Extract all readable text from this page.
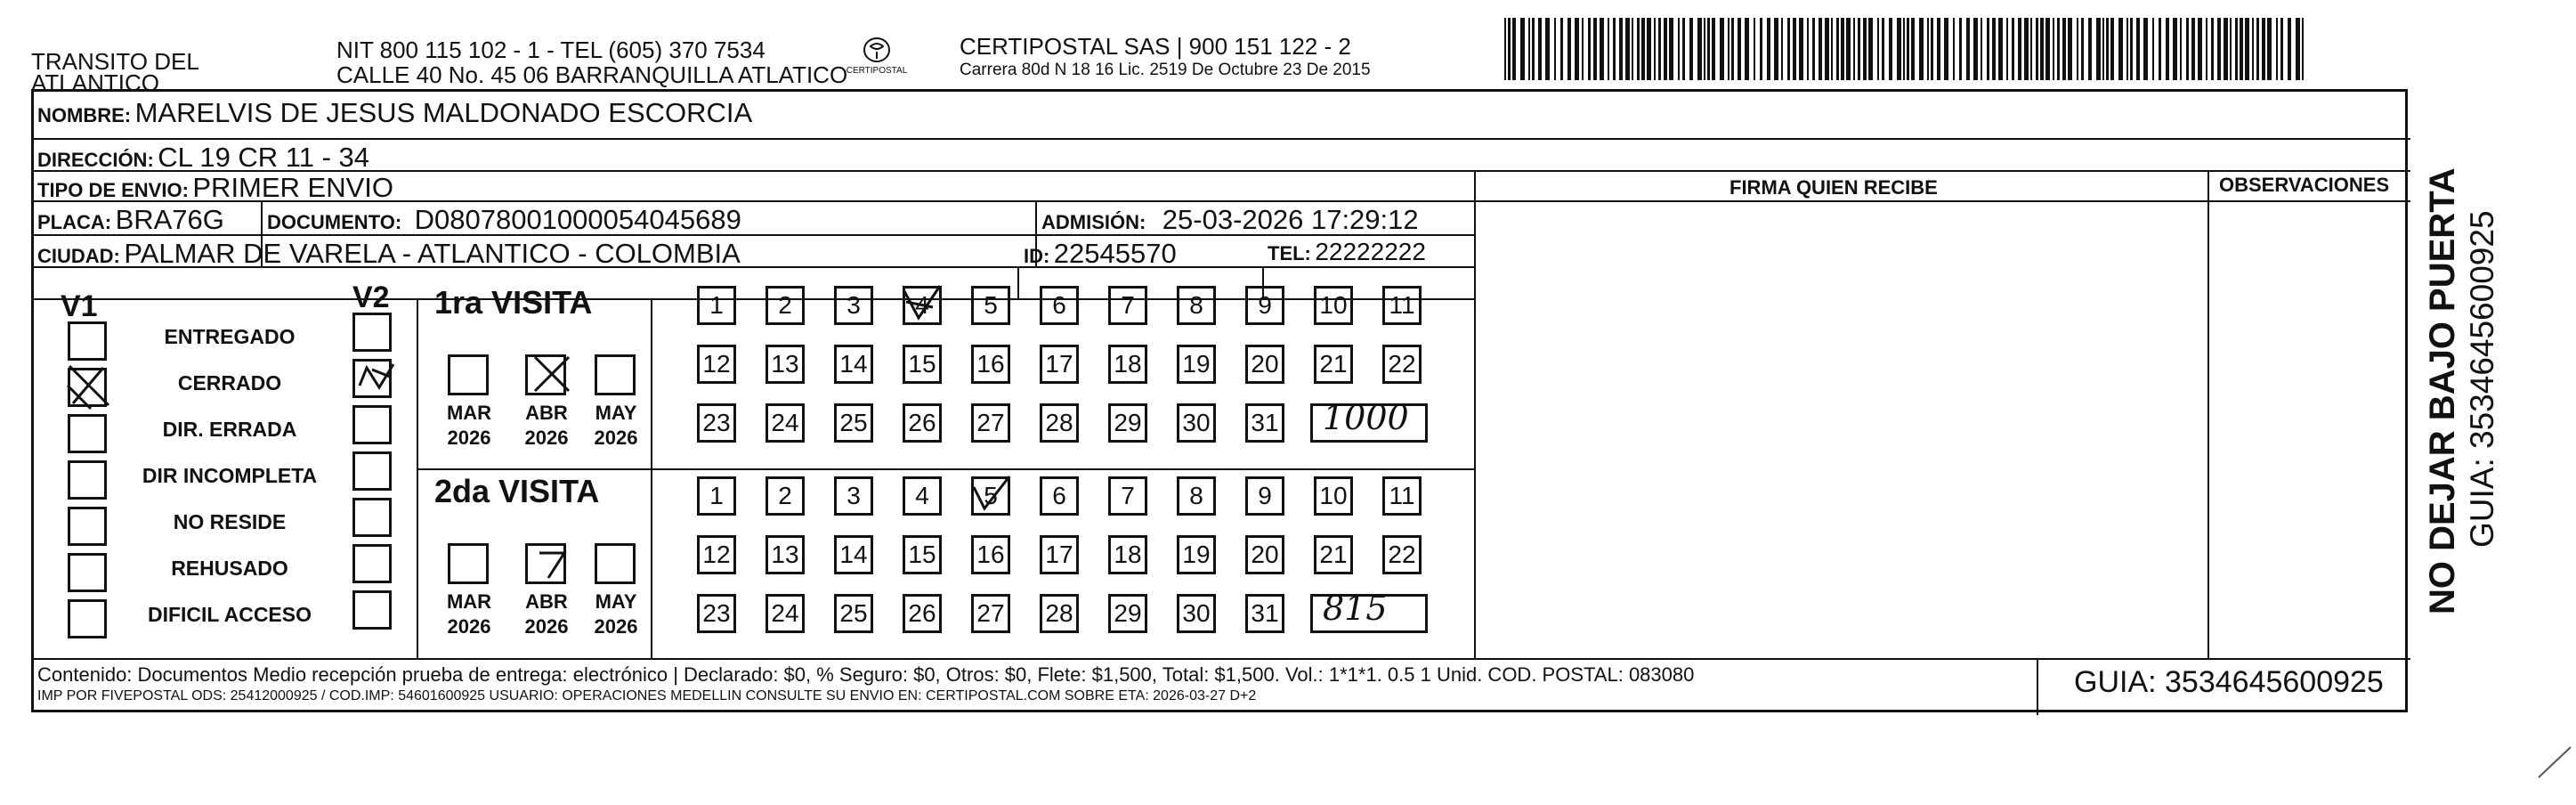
TRANSITO DEL
ATLANTICO
NIT 800 115 102 - 1 - TEL (605) 370 7534
CALLE 40 No. 45 06 BARRANQUILLA ATLATICO
CERTIPOSTAL
CERTIPOSTAL SAS | 900 151 122 - 2
Carrera 80d N 18 16 Lic. 2519 De Octubre 23 De 2015
NOMBRE: MARELVIS DE JESUS MALDONADO ESCORCIA
DIRECCIÓN: CL 19 CR 11 - 34
TIPO DE ENVIO: PRIMER ENVIO	FIRMA QUIEN RECIBE	OBSERVACIONES
PLACA: BRA76G DOCUMENTO: D08078001000054045689	ADMISIÓN: 25-03-2026 17:29:12
CIUDAD: PALMAR DE VARELA - ATLANTICO - COLOMBIA	ID: 22545570	TEL: 22222222
V1	V2
ENTREGADO
CERRADO
DIR. ERRADA
DIR INCOMPLETA
NO RESIDE
REHUSADO
DIFICIL ACCESO
1ra VISITA
MAR
2026
ABR
2026
MAY
2026
1	2	3	4	5	6	7	8	9	10 11
12 13 14 15 16 17 18 19 20 21 22
23 24 25 26 27 28 29 30 31 1000
2da VISITA
MAR
2026
ABR
2026
MAY
2026
1	2	3	4	5	6	7	8	9	10 11
12 13 14 15 16 17 18 19 20 21 22
23 24 25 26 27 28 29 30 31 815
Contenido: Documentos Medio recepción prueba de entrega: electrónico | Declarado: $0, % Seguro: $0, Otros: $0, Flete: $1,500, Total: $1,500. Vol.: 1*1*1. 0.5 1 Unid. COD. POSTAL: 083080
IMP POR FIVEPOSTAL ODS: 25412000925 / COD.IMP: 54601600925 USUARIO: OPERACIONES MEDELLIN CONSULTE SU ENVIO EN: CERTIPOSTAL.COM SOBRE ETA: 2026-03-27 D+2	GUIA: 3534645600925
NO DEJAR BAJO PUERTA GUIA: 3534645600925
